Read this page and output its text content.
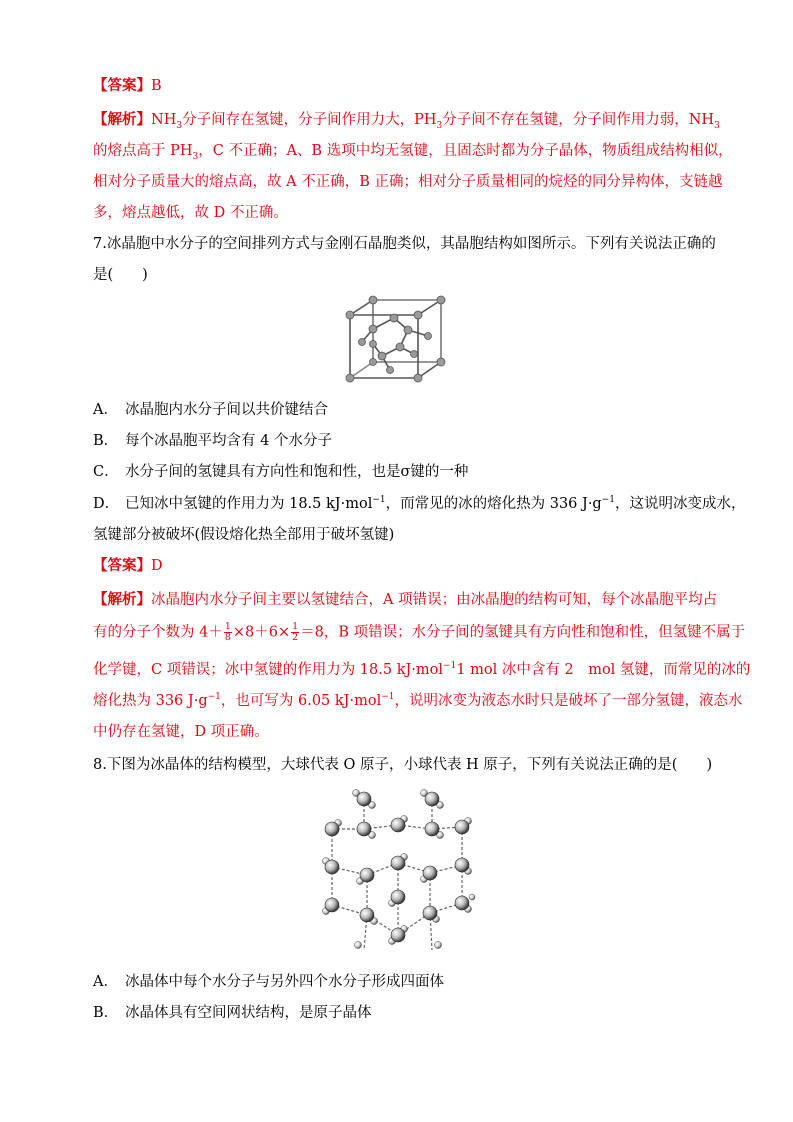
【答案】B
【解析】$NH_3$分子间存在氢键，分子间作用力大，$PH_3$分子间不存在氢键，分子间作用力弱，$NH_3$
的熔点高于 $PH_3$，C 不正确；A、B 选项中均无氢键，且固态时都为分子晶体，物质组成结构相似，
相对分子质量大的熔点高，故 A 不正确，B 正确；相对分子质量相同的烷烃的同分异构体，支链越
多，熔点越低，故 D 不正确。
7.冰晶胞中水分子的空间排列方式与金刚石晶胞类似，其晶胞结构如图所示。下列有关说法正确的
是(　　)
A． 冰晶胞内水分子间以共价键结合
B． 每个冰晶胞平均含有 4 个水分子
C． 水分子间的氢键具有方向性和饱和性，也是σ键的一种
D． 已知冰中氢键的作用力为 18.5 kJ·mol$^{-1}$，而常见的冰的熔化热为 336 $J\cdot g^{-1}$，这说明冰变成水，
氢键部分被破坏(假设熔化热全部用于破坏氢键)
【答案】D
【解析】冰晶胞内水分子间主要以氢键结合，A 项错误；由冰晶胞的结构可知，每个冰晶胞平均占
有的分子个数为 $4+ \frac{1}{8} \times 8+6\times \frac{1}{2} =8$，B 项错误；水分子间的氢键具有方向性和饱和性，但氢键不属于
化学键，C 项错误；冰中氢键的作用力为 18.5 kJ·mol$^{-1}$1 mol 冰中含有 2　mol 氢键，而常见的冰的
熔化热为 336 $J\cdot g^{-1}$，也可写为 6.05 kJ·mol$^{-1}$，说明冰变为液态水时只是破坏了一部分氢键，液态水
中仍存在氢键，D 项正确。
8.下图为冰晶体的结构模型，大球代表 O 原子，小球代表 H 原子，下列有关说法正确的是(　　)
A． 冰晶体中每个水分子与另外四个水分子形成四面体
B． 冰晶体具有空间网状结构，是原子晶体
